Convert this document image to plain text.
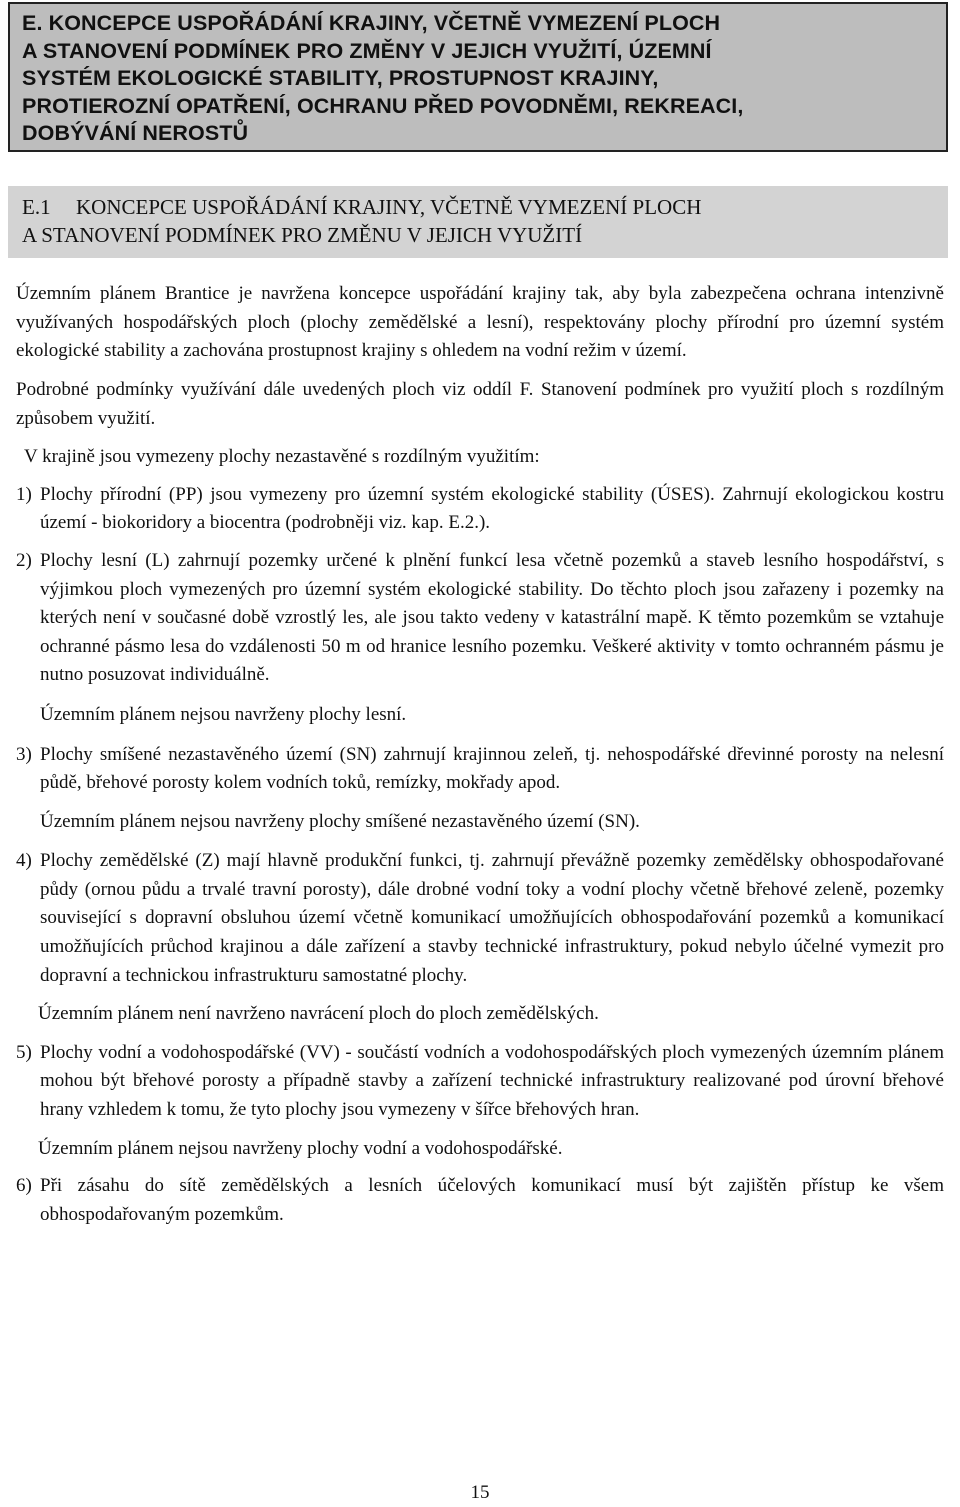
E. KONCEPCE USPOŘÁDÁNÍ KRAJINY, VČETNĚ VYMEZENÍ PLOCH
A STANOVENÍ PODMÍNEK PRO ZMĚNY V JEJICH VYUŽITÍ, ÚZEMNÍ
SYSTÉM EKOLOGICKÉ STABILITY, PROSTUPNOST KRAJINY,
PROTIEROZNÍ OPATŘENÍ, OCHRANU PŘED POVODNĚMI, REKREACI,
DOBÝVÁNÍ NEROSTŮ
E.1 KONCEPCE USPOŘÁDÁNÍ KRAJINY, VČETNĚ VYMEZENÍ PLOCH
A STANOVENÍ PODMÍNEK PRO ZMĚNU V JEJICH VYUŽITÍ

Územním plánem Brantice je navržena koncepce uspořádání krajiny tak, aby byla zabezpečena ochrana intenzivně využívaných hospodářských ploch (plochy zemědělské a lesní), respektovány plochy přírodní pro územní systém ekologické stability a zachována prostupnost krajiny s ohledem na vodní režim v území.

Podrobné podmínky využívání dále uvedených ploch viz oddíl F. Stanovení podmínek pro využití ploch s rozdílným způsobem využití.

V krajině jsou vymezeny plochy nezastavěné s rozdílným využitím:

1) Plochy přírodní (PP) jsou vymezeny pro územní systém ekologické stability (ÚSES). Zahrnují ekologickou kostru území - biokoridory a biocentra (podrobněji viz. kap. E.2.).
2) Plochy lesní (L) zahrnují pozemky určené k plnění funkcí lesa včetně pozemků a staveb lesního hospodářství, s výjimkou ploch vymezených pro územní systém ekologické stability. Do těchto ploch jsou zařazeny i pozemky na kterých není v současné době vzrostlý les, ale jsou takto vedeny v katastrální mapě. K těmto pozemkům se vztahuje ochranné pásmo lesa do vzdálenosti 50 m od hranice lesního pozemku. Veškeré aktivity v tomto ochranném pásmu je nutno posuzovat individuálně.

Územním plánem nejsou navrženy plochy lesní.

3) Plochy smíšené nezastavěného území (SN) zahrnují krajinnou zeleň, tj. nehospodářské dřevinné porosty na nelesní půdě, břehové porosty kolem vodních toků, remízky, mokřady apod.

Územním plánem nejsou navrženy plochy smíšené nezastavěného území (SN).

4) Plochy zemědělské (Z) mají hlavně produkční funkci, tj. zahrnují převážně pozemky zemědělsky obhospodařované půdy (ornou půdu a trvalé travní porosty), dále drobné vodní toky a vodní plochy včetně břehové zeleně, pozemky související s dopravní obsluhou území včetně komunikací umožňujících obhospodařování pozemků a komunikací umožňujících průchod krajinou a dále zařízení a stavby technické infrastruktury, pokud nebylo účelné vymezit pro dopravní a technickou infrastrukturu samostatné plochy.

Územním plánem není navrženo navrácení ploch do ploch zemědělských.

5) Plochy vodní a vodohospodářské (VV) - součástí vodních a vodohospodářských ploch vymezených územním plánem mohou být břehové porosty a případně stavby a zařízení technické infrastruktury realizované pod úrovní břehové hrany vzhledem k tomu, že tyto plochy jsou vymezeny v šířce břehových hran.

Územním plánem nejsou navrženy plochy vodní a vodohospodářské.

6) Při zásahu do sítě zemědělských a lesních účelových komunikací musí být zajištěn přístup ke všem obhospodařovaným pozemkům.
15
